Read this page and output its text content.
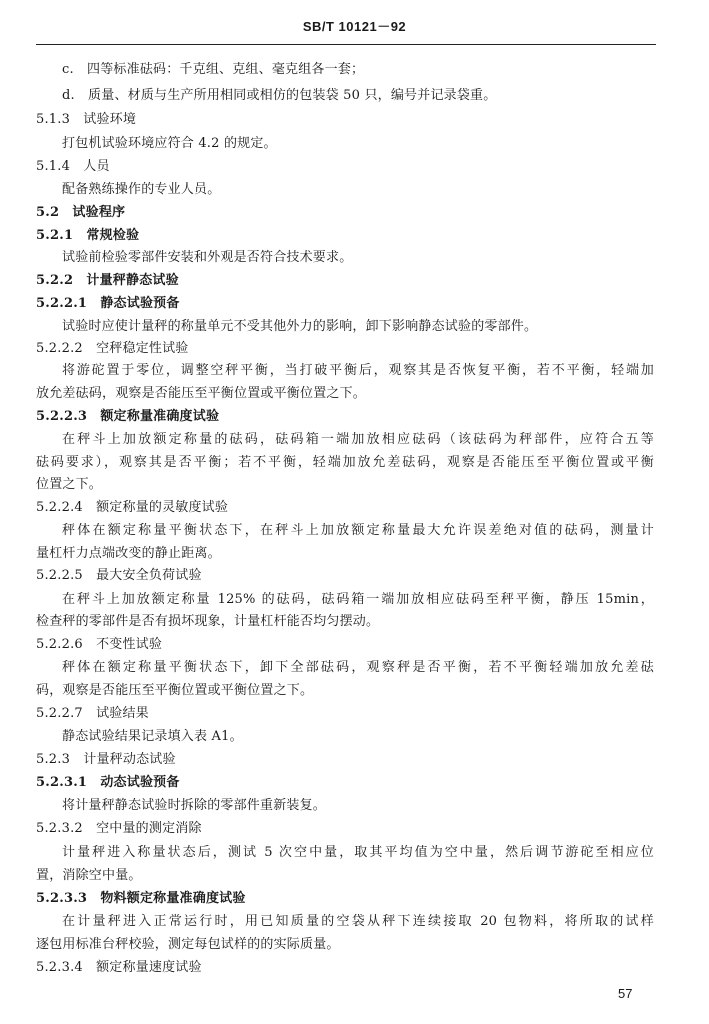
SB/T 10121－92
c.　四等标准砝码：千克组、克组、毫克组各一套；
d.　质量、材质与生产所用相同或相仿的包装袋 50 只，编号并记录袋重。
5.1.3　试验环境
打包机试验环境应符合 4.2 的规定。
5.1.4　人员
配备熟练操作的专业人员。
5.2　试验程序
5.2.1　常规检验
试验前检验零部件安装和外观是否符合技术要求。
5.2.2　计量秤静态试验
5.2.2.1　静态试验预备
试验时应使计量秤的称量单元不受其他外力的影响，卸下影响静态试验的零部件。
5.2.2.2　空秤稳定性试验
将游砣置于零位，调整空秤平衡，当打破平衡后，观察其是否恢复平衡，若不平衡，轻端加
放允差砝码，观察是否能压至平衡位置或平衡位置之下。
5.2.2.3　额定称量准确度试验
在秤斗上加放额定称量的砝码，砝码箱一端加放相应砝码（该砝码为秤部件，应符合五等
砝码要求），观察其是否平衡；若不平衡，轻端加放允差砝码，观察是否能压至平衡位置或平衡
位置之下。
5.2.2.4　额定称量的灵敏度试验
秤体在额定称量平衡状态下，在秤斗上加放额定称量最大允许误差绝对值的砝码，测量计
量杠杆力点端改变的静止距离。
5.2.2.5　最大安全负荷试验
在秤斗上加放额定称量 125% 的砝码，砝码箱一端加放相应砝码至秤平衡，静压 15min，
检查秤的零部件是否有损坏现象，计量杠杆能否均匀摆动。
5.2.2.6　不变性试验
秤体在额定称量平衡状态下，卸下全部砝码，观察秤是否平衡，若不平衡轻端加放允差砝
码，观察是否能压至平衡位置或平衡位置之下。
5.2.2.7　试验结果
静态试验结果记录填入表 A1。
5.2.3　计量秤动态试验
5.2.3.1　动态试验预备
将计量秤静态试验时拆除的零部件重新装复。
5.2.3.2　空中量的测定消除
计量秤进入称量状态后，测试 5 次空中量，取其平均值为空中量，然后调节游砣至相应位
置，消除空中量。
5.2.3.3　物料额定称量准确度试验
在计量秤进入正常运行时，用已知质量的空袋从秤下连续接取 20 包物料，将所取的试样
逐包用标准台秤校验，测定每包试样的的实际质量。
5.2.3.4　额定称量速度试验
57
